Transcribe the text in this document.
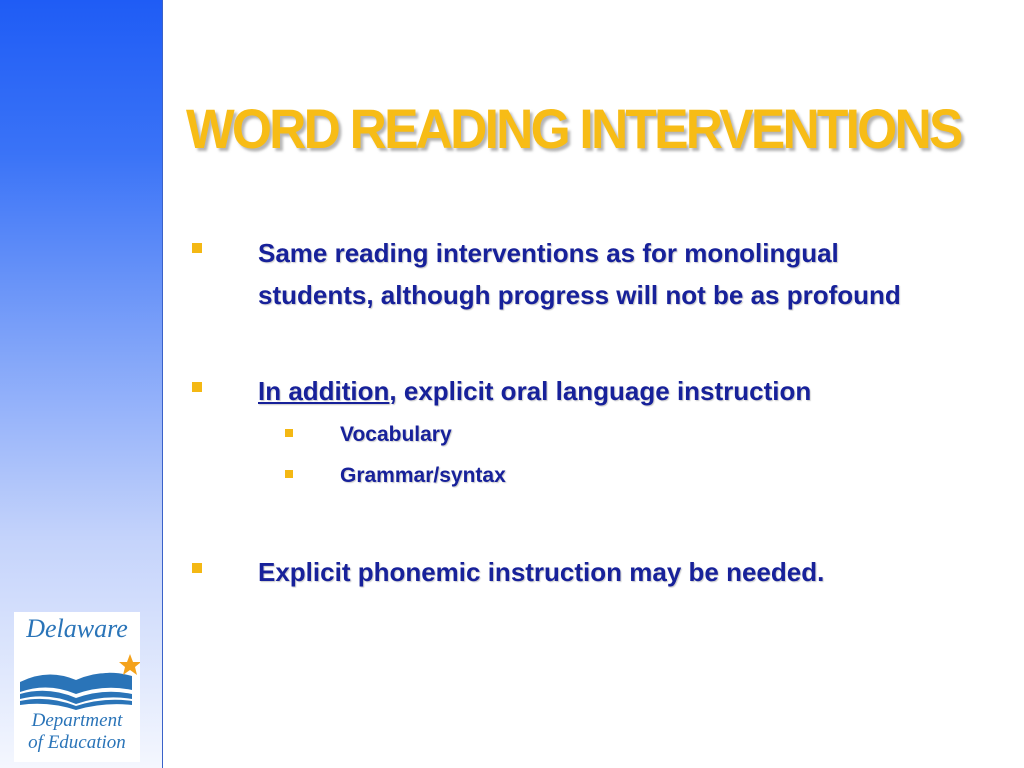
Delaware
Department
of Education
WORD READING INTERVENTIONS
Same reading interventions as for monolingual
students, although progress will not be as profound
In addition, explicit oral language instruction
Vocabulary
Grammar/syntax
Explicit phonemic instruction may be needed.
